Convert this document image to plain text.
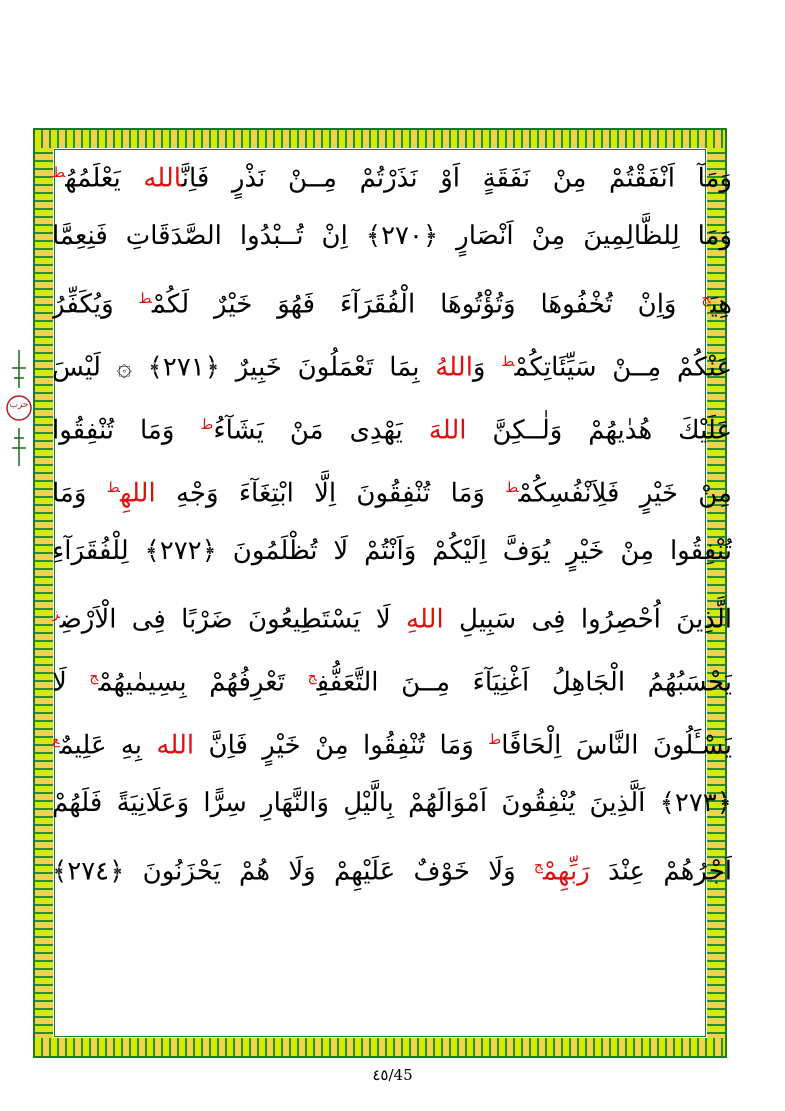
وَمَآ اَنْفَقْتُمْ مِنْ نَفَقَةٍ اَوْ نَذَرْتُمْ مِــنْ نَذْرٍ فَاِنَّالله يَعْلَمُهُ$^ط$
وَمَا لِلظَّالِمِينَ مِنْ اَنْصَارٍ ﴿٢٧٠﴾ اِنْ تُــبْدُوا الصَّدَقَاتِ فَنِعِمَّا
هِيَ$^ج$ وَاِنْ تُخْفُوهَا وَتُؤْتُوهَا الْفُقَرَآءَ فَهُوَ خَيْرٌ لَكُمْ$^ط$ وَيُكَفِّرُ
عَنْكُمْ مِــنْ سَيِّئَاتِكُمْ$^ط$ وَاللهُ بِمَا تَعْمَلُونَ خَبِيرٌ ﴿٢٧١﴾ ۞ لَيْسَ
عَلَيْكَ هُدٰيهُمْ وَلٰــكِنَّ اللهَ يَهْدِى مَنْ يَشَآءُ$^ط$ وَمَا تُنْفِقُوا
مِنْ خَيْرٍ فَلِاَنْفُسِكُمْ$^ط$ وَمَا تُنْفِقُونَ اِلَّا ابْتِغَآءَ وَجْهِ الله$^ط$ وَمَا
تُنْفِقُوا مِنْ خَيْرٍ يُوَفَّ اِلَيْكُمْ وَاَنْتُمْ لَا تُظْلَمُونَ ﴿٢٧٢﴾ لِلْفُقَرَآءِ
الَّذِينَ اُحْصِرُوا فِى سَبِيلِ اللهِ لَا يَسْتَطِيعُونَ ضَرْبًا فِى الْاَرْضِ$^ز$
يَحْسَبُهُمُ الْجَاهِلُ اَغْنِيَآءَ مِــنَ التَّعَفُّفِ$^ج$ تَعْرِفُهُمْ بِسِيمٰيهُمْ$^ج$ لَا
يَسْـَٔلُونَ النَّاسَ اِلْحَافًا$^ط$ وَمَا تُنْفِقُوا مِنْ خَيْرٍ فَاِنَّ الله بِهِ عَلِيمٌ$^ع$
﴿٢٧٣﴾ اَلَّذِينَ يُنْفِقُونَ اَمْوَالَهُمْ بِالَّيْلِ وَالنَّهَارِ سِرًّا وَعَلَانِيَةً فَلَهُمْ
اَجْرُهُمْ عِنْدَ رَبِّهِمْ$^ج$ وَلَا خَوْفٌ عَلَيْهِمْ وَلَا هُمْ يَحْزَنُونَ ﴿٢٧٤﴾
حزب
٤٥/45
